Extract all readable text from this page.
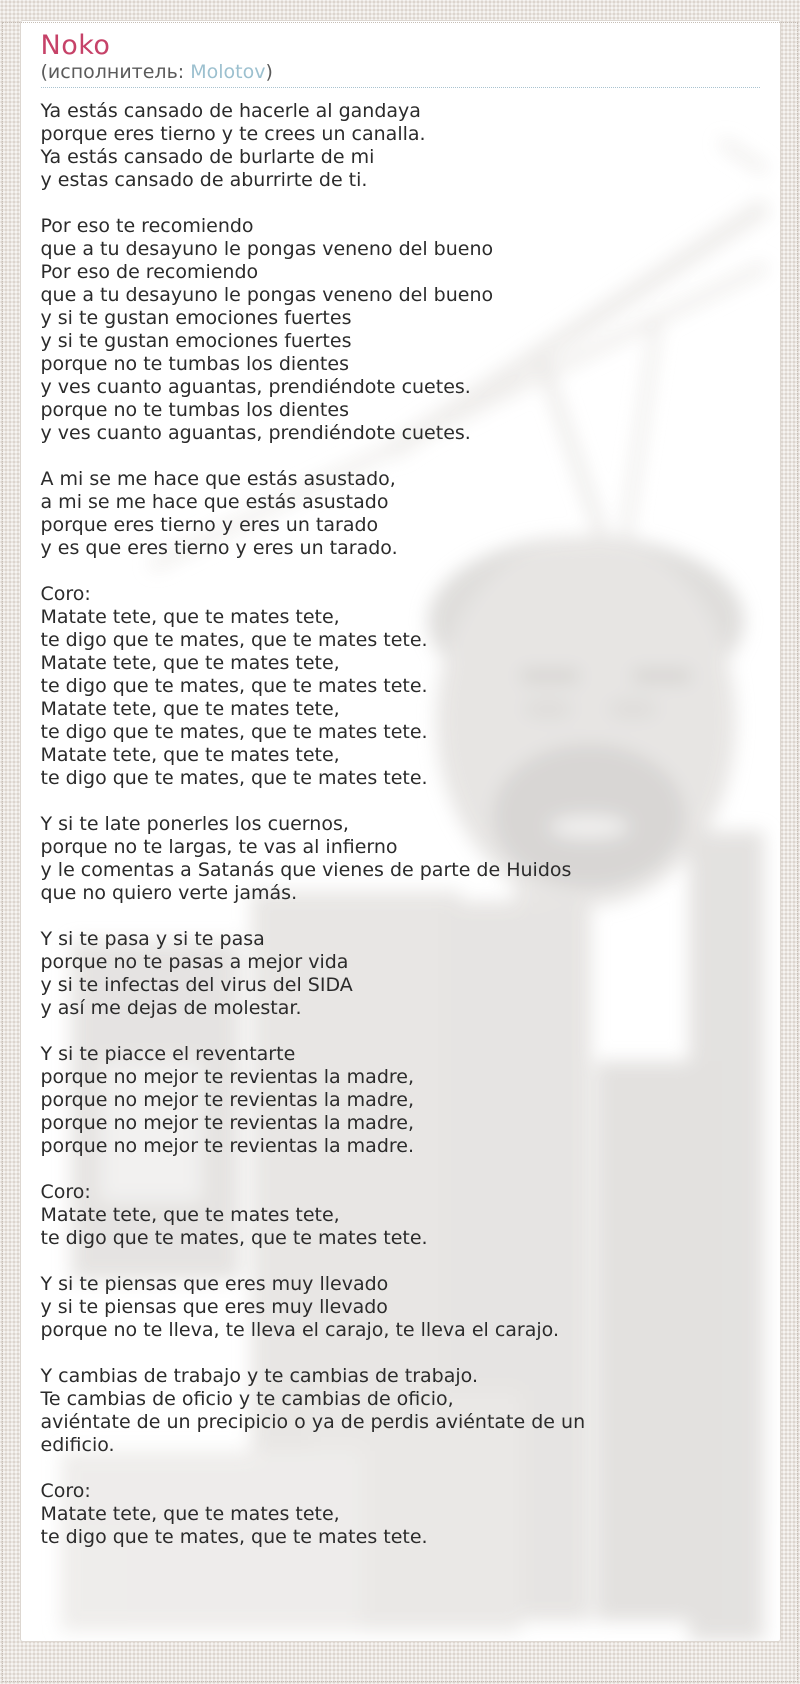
Noko
(исполнитель: Molotov)
Ya estás cansado de hacerle al gandaya
porque eres tierno y te crees un canalla.
Ya estás cansado de burlarte de mi
y estas cansado de aburrirte de ti.
Por eso te recomiendo
que a tu desayuno le pongas veneno del bueno
Por eso de recomiendo
que a tu desayuno le pongas veneno del bueno
y si te gustan emociones fuertes
y si te gustan emociones fuertes
porque no te tumbas los dientes
y ves cuanto aguantas, prendiéndote cuetes.
porque no te tumbas los dientes
y ves cuanto aguantas, prendiéndote cuetes.
A mi se me hace que estás asustado,
a mi se me hace que estás asustado
porque eres tierno y eres un tarado
y es que eres tierno y eres un tarado.
Coro:
Matate tete, que te mates tete,
te digo que te mates, que te mates tete.
Matate tete, que te mates tete,
te digo que te mates, que te mates tete.
Matate tete, que te mates tete,
te digo que te mates, que te mates tete.
Matate tete, que te mates tete,
te digo que te mates, que te mates tete.
Y si te late ponerles los cuernos,
porque no te largas, te vas al infierno
y le comentas a Satanás que vienes de parte de Huidos
que no quiero verte jamás.
Y si te pasa y si te pasa
porque no te pasas a mejor vida
y si te infectas del virus del SIDA
y así me dejas de molestar.
Y si te piacce el reventarte
porque no mejor te revientas la madre,
porque no mejor te revientas la madre,
porque no mejor te revientas la madre,
porque no mejor te revientas la madre.
Coro:
Matate tete, que te mates tete,
te digo que te mates, que te mates tete.
Y si te piensas que eres muy llevado
y si te piensas que eres muy llevado
porque no te lleva, te lleva el carajo, te lleva el carajo.
Y cambias de trabajo y te cambias de trabajo.
Te cambias de oficio y te cambias de oficio,
aviéntate de un precipicio o ya de perdis aviéntate de un
edificio.
Coro:
Matate tete, que te mates tete,
te digo que te mates, que te mates tete.
